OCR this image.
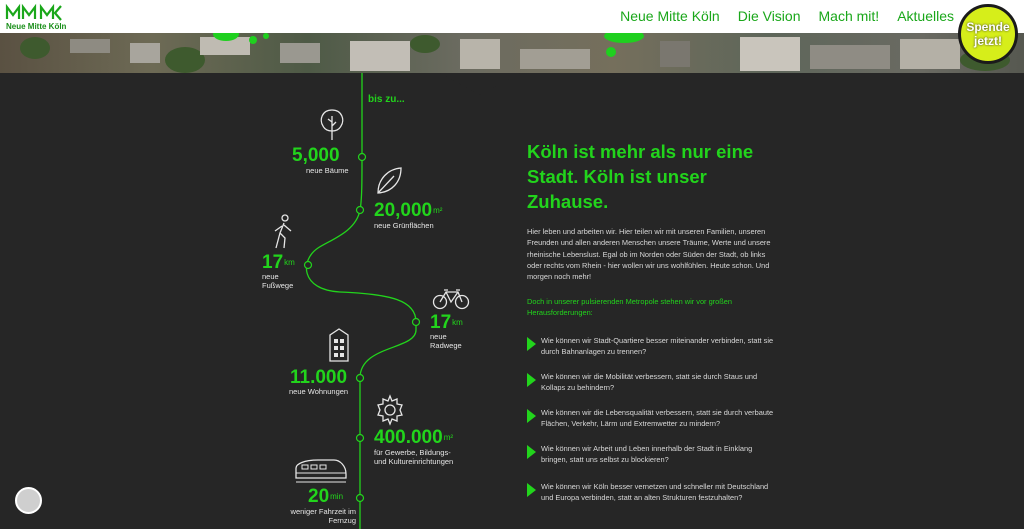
Neue Mitte Köln
Neue Mitte Köln Die Vision Mach mit! Aktuelles
Spende
jetzt!
bis zu...
5,000
neue Bäume
$20,000^{m^2}$
neue Grünflächen
$17^{km}$
neue Fußwege
$17^{km}$
neue Radwege
11.000
neue Wohnungen
$400.000^{m^2}$
für Gewerbe, Bildungs- und Kultureinrichtungen
$20^{min}$
weniger Fahrzeit im Fernzug
Köln ist mehr als nur eine Stadt. Köln ist unser Zuhause.

Hier leben und arbeiten wir. Hier teilen wir mit unseren Familien, unseren Freunden und allen anderen Menschen unsere Träume, Werte und unsere rheinische Lebenslust. Egal ob im Norden oder Süden der Stadt, ob links oder rechts vom Rhein - hier wollen wir uns wohlfühlen. Heute schon. Und morgen noch mehr!

Doch in unserer pulsierenden Metropole stehen wir vor großen Herausforderungen:

Wie können wir Stadt-Quartiere besser miteinander verbinden, statt sie durch Bahnanlagen zu trennen?

Wie können wir die Mobilität verbessern, statt sie durch Staus und Kollaps zu behindern?

Wie können wir die Lebensqualität verbessern, statt sie durch verbaute Flächen, Verkehr, Lärm und Extremwetter zu mindern?

Wie können wir Arbeit und Leben innerhalb der Stadt in Einklang bringen, statt uns selbst zu blockieren?

Wie können wir Köln besser vernetzen und schneller mit Deutschland und Europa verbinden, statt an alten Strukturen festzuhalten?
